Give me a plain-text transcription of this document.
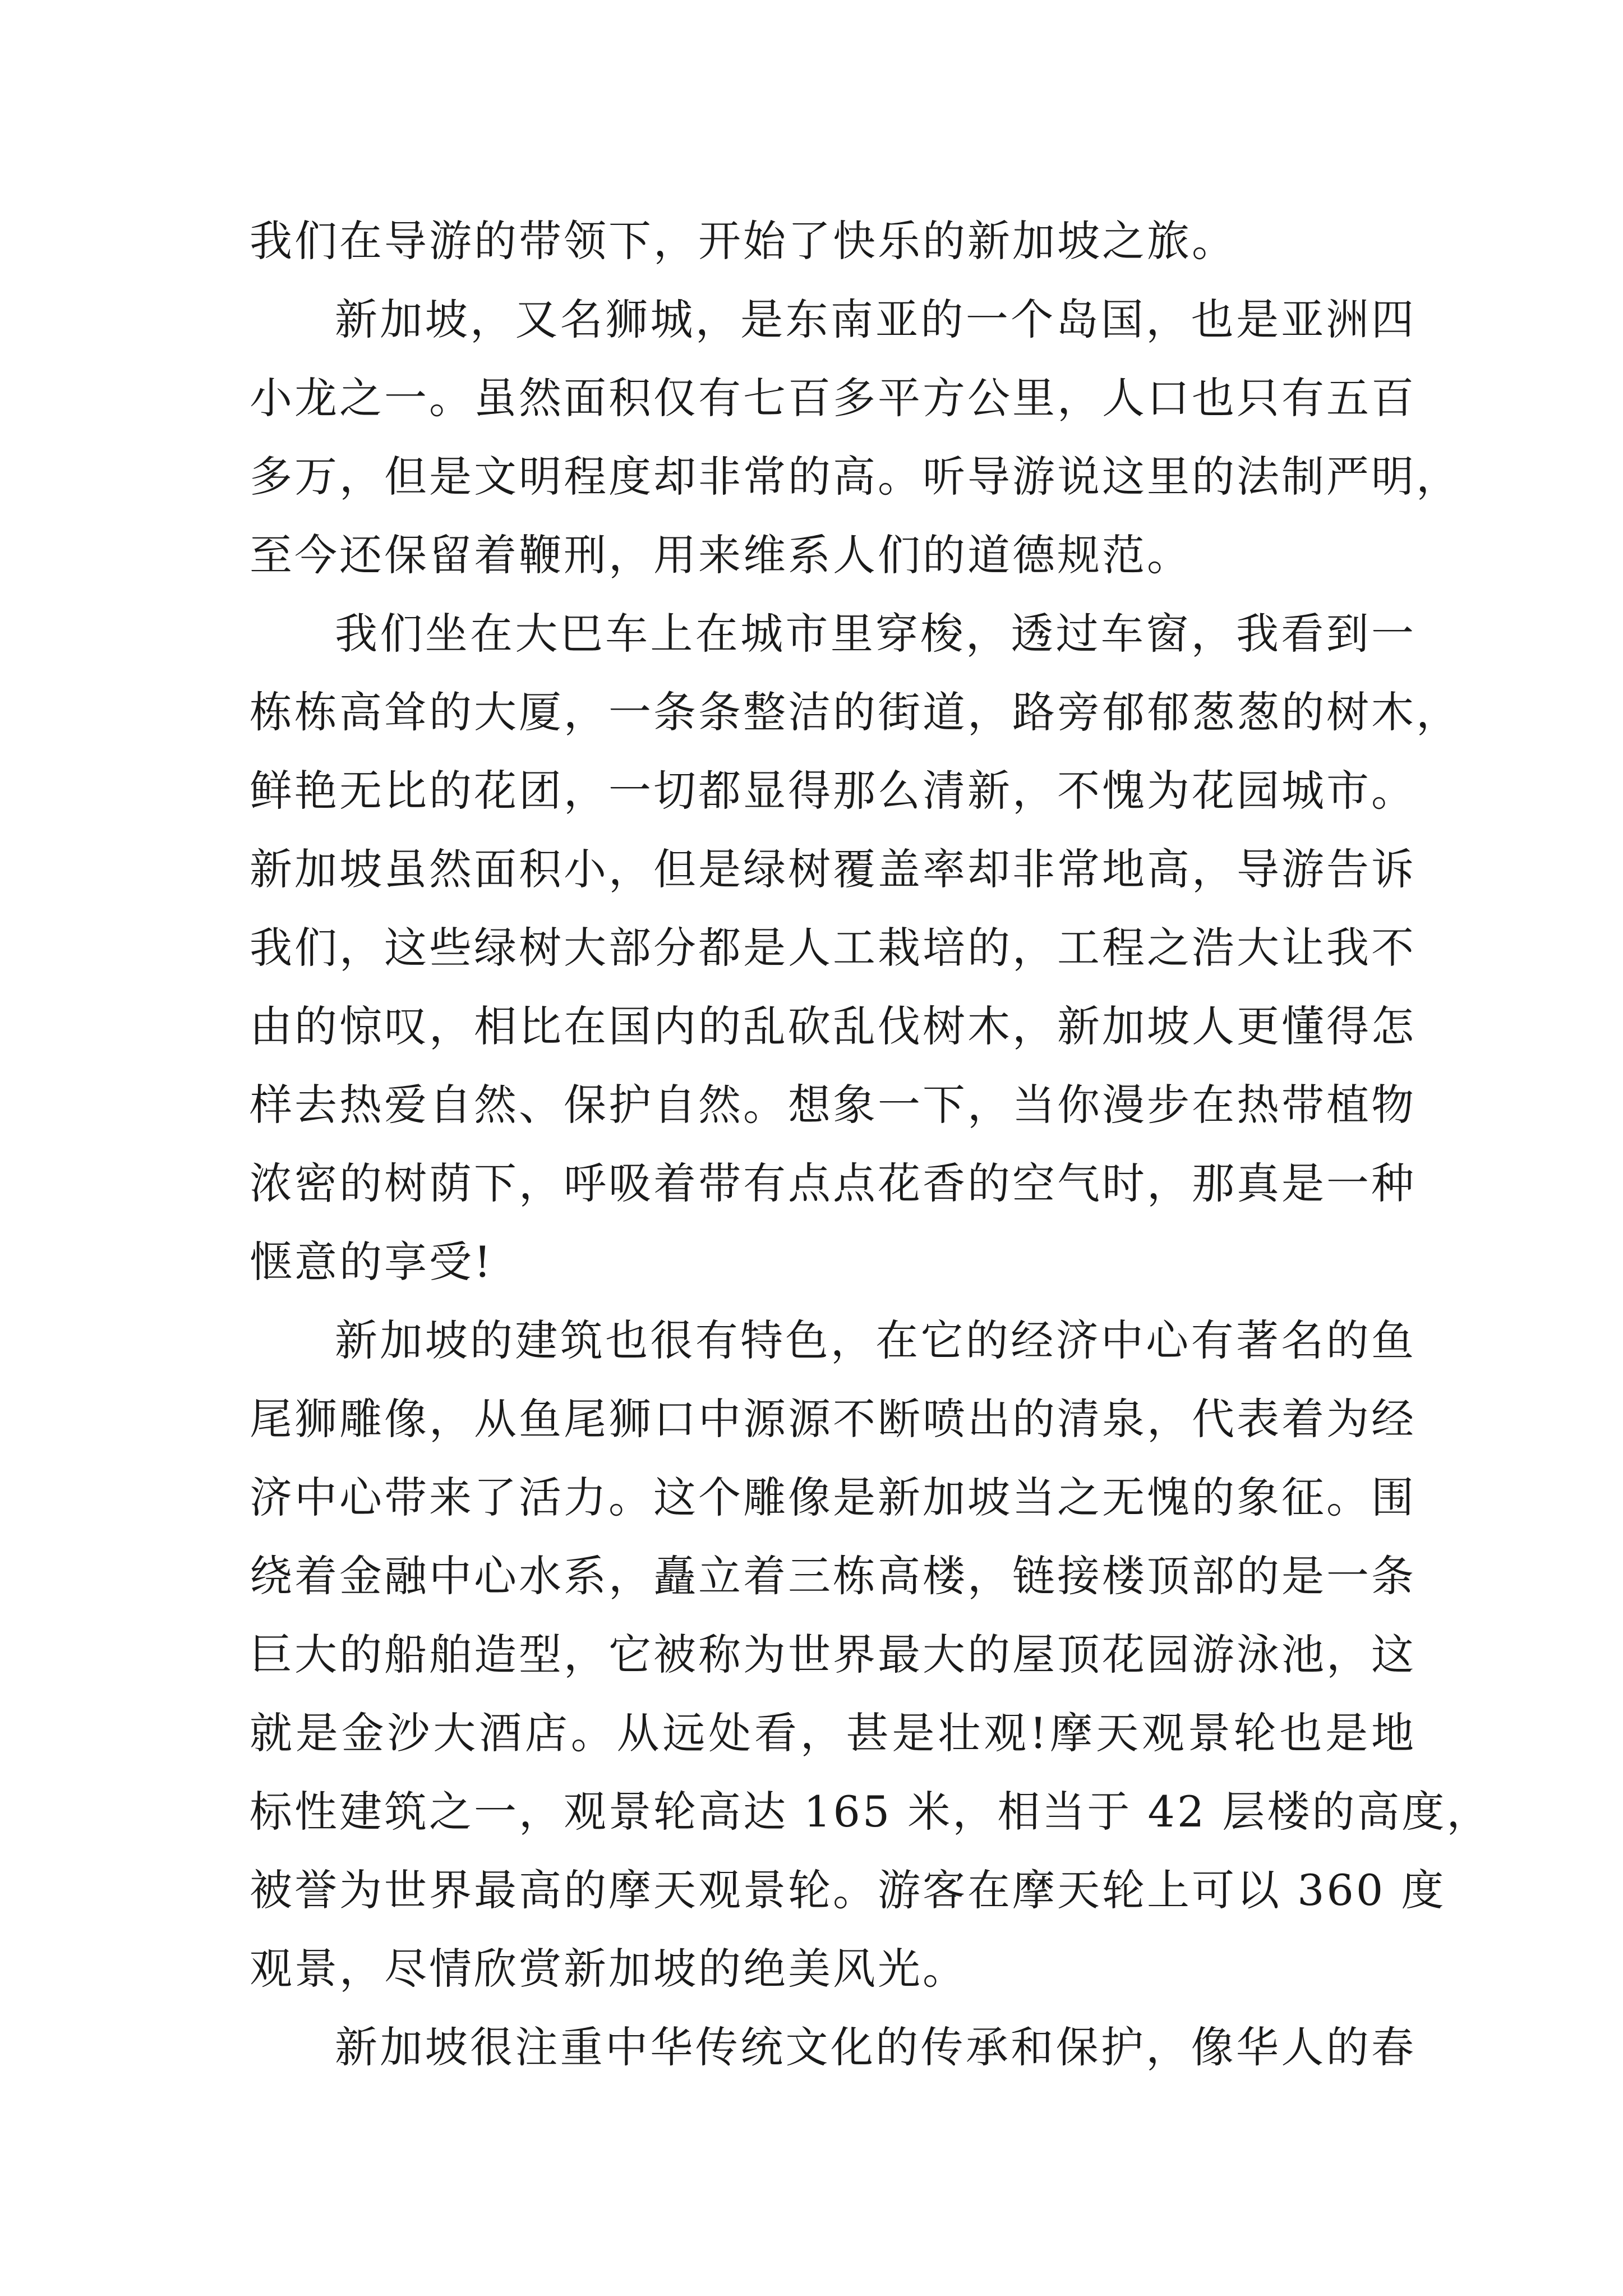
我们在导游的带领下，开始了快乐的新加坡之旅。
新加坡，又名狮城，是东南亚的一个岛国，也是亚洲四
小龙之一。虽然面积仅有七百多平方公里，人口也只有五百
多万，但是文明程度却非常的高。听导游说这里的法制严明，
至今还保留着鞭刑，用来维系人们的道德规范。
我们坐在大巴车上在城市里穿梭，透过车窗，我看到一
栋栋高耸的大厦，一条条整洁的街道，路旁郁郁葱葱的树木，
鲜艳无比的花团，一切都显得那么清新，不愧为花园城市。
新加坡虽然面积小，但是绿树覆盖率却非常地高，导游告诉
我们，这些绿树大部分都是人工栽培的，工程之浩大让我不
由的惊叹，相比在国内的乱砍乱伐树木，新加坡人更懂得怎
样去热爱自然、保护自然。想象一下，当你漫步在热带植物
浓密的树荫下，呼吸着带有点点花香的空气时，那真是一种
惬意的享受!
新加坡的建筑也很有特色，在它的经济中心有著名的鱼
尾狮雕像，从鱼尾狮口中源源不断喷出的清泉，代表着为经
济中心带来了活力。这个雕像是新加坡当之无愧的象征。围
绕着金融中心水系，矗立着三栋高楼，链接楼顶部的是一条
巨大的船舶造型，它被称为世界最大的屋顶花园游泳池，这
就是金沙大酒店。从远处看，甚是壮观!摩天观景轮也是地
标性建筑之一，观景轮高达 165 米，相当于 42 层楼的高度，
被誉为世界最高的摩天观景轮。游客在摩天轮上可以 360 度
观景，尽情欣赏新加坡的绝美风光。
新加坡很注重中华传统文化的传承和保护，像华人的春
